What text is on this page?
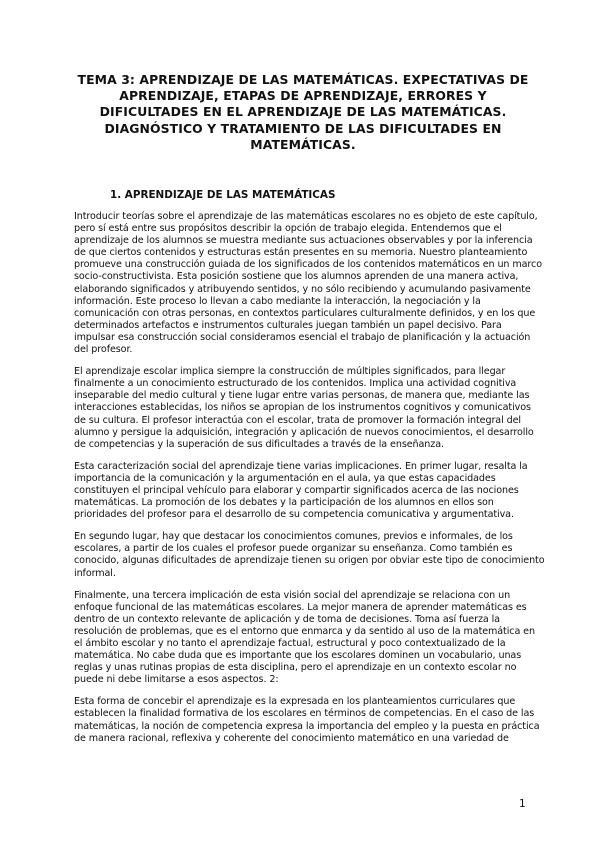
TEMA 3: APRENDIZAJE DE LAS MATEMÁTICAS. EXPECTATIVAS DE
APRENDIZAJE, ETAPAS DE APRENDIZAJE, ERRORES Y
DIFICULTADES EN EL APRENDIZAJE DE LAS MATEMÁTICAS.
DIAGNÓSTICO Y TRATAMIENTO DE LAS DIFICULTADES EN
MATEMÁTICAS.
1. APRENDIZAJE DE LAS MATEMÁTICAS

Introducir teorías sobre el aprendizaje de las matemáticas escolares no es objeto de este capítulo,
pero sí está entre sus propósitos describir la opción de trabajo elegida. Entendemos que el
aprendizaje de los alumnos se muestra mediante sus actuaciones observables y por la inferencia
de que ciertos contenidos y estructuras están presentes en su memoria. Nuestro planteamiento
promueve una construcción guiada de los significados de los contenidos matemáticos en un marco
socio-constructivista. Esta posición sostiene que los alumnos aprenden de una manera activa,
elaborando significados y atribuyendo sentidos, y no sólo recibiendo y acumulando pasivamente
información. Este proceso lo llevan a cabo mediante la interacción, la negociación y la
comunicación con otras personas, en contextos particulares culturalmente definidos, y en los que
determinados artefactos e instrumentos culturales juegan también un papel decisivo. Para
impulsar esa construcción social consideramos esencial el trabajo de planificación y la actuación
del profesor.

El aprendizaje escolar implica siempre la construcción de múltiples significados, para llegar
finalmente a un conocimiento estructurado de los contenidos. Implica una actividad cognitiva
inseparable del medio cultural y tiene lugar entre varias personas, de manera que, mediante las
interacciones establecidas, los niños se apropian de los instrumentos cognitivos y comunicativos
de su cultura. El profesor interactúa con el escolar, trata de promover la formación integral del
alumno y persigue la adquisición, integración y aplicación de nuevos conocimientos, el desarrollo
de competencias y la superación de sus dificultades a través de la enseñanza.

Esta caracterización social del aprendizaje tiene varias implicaciones. En primer lugar, resalta la
importancia de la comunicación y la argumentación en el aula, ya que estas capacidades
constituyen el principal vehículo para elaborar y compartir significados acerca de las nociones
matemáticas. La promoción de los debates y la participación de los alumnos en ellos son
prioridades del profesor para el desarrollo de su competencia comunicativa y argumentativa.

En segundo lugar, hay que destacar los conocimientos comunes, previos e informales, de los
escolares, a partir de los cuales el profesor puede organizar su enseñanza. Como también es
conocido, algunas dificultades de aprendizaje tienen su origen por obviar este tipo de conocimiento
informal.

Finalmente, una tercera implicación de esta visión social del aprendizaje se relaciona con un
enfoque funcional de las matemáticas escolares. La mejor manera de aprender matemáticas es
dentro de un contexto relevante de aplicación y de toma de decisiones. Toma así fuerza la
resolución de problemas, que es el entorno que enmarca y da sentido al uso de la matemática en
el ámbito escolar y no tanto el aprendizaje factual, estructural y poco contextualizado de la
matemática. No cabe duda que es importante que los escolares dominen un vocabulario, unas
reglas y unas rutinas propias de esta disciplina, pero el aprendizaje en un contexto escolar no
puede ni debe limitarse a esos aspectos. 2:

Esta forma de concebir el aprendizaje es la expresada en los planteamientos curriculares que
establecen la finalidad formativa de los escolares en términos de competencias. En el caso de las
matemáticas, la noción de competencia expresa la importancia del empleo y la puesta en práctica
de manera racional, reflexiva y coherente del conocimiento matemático en una variedad de

1
